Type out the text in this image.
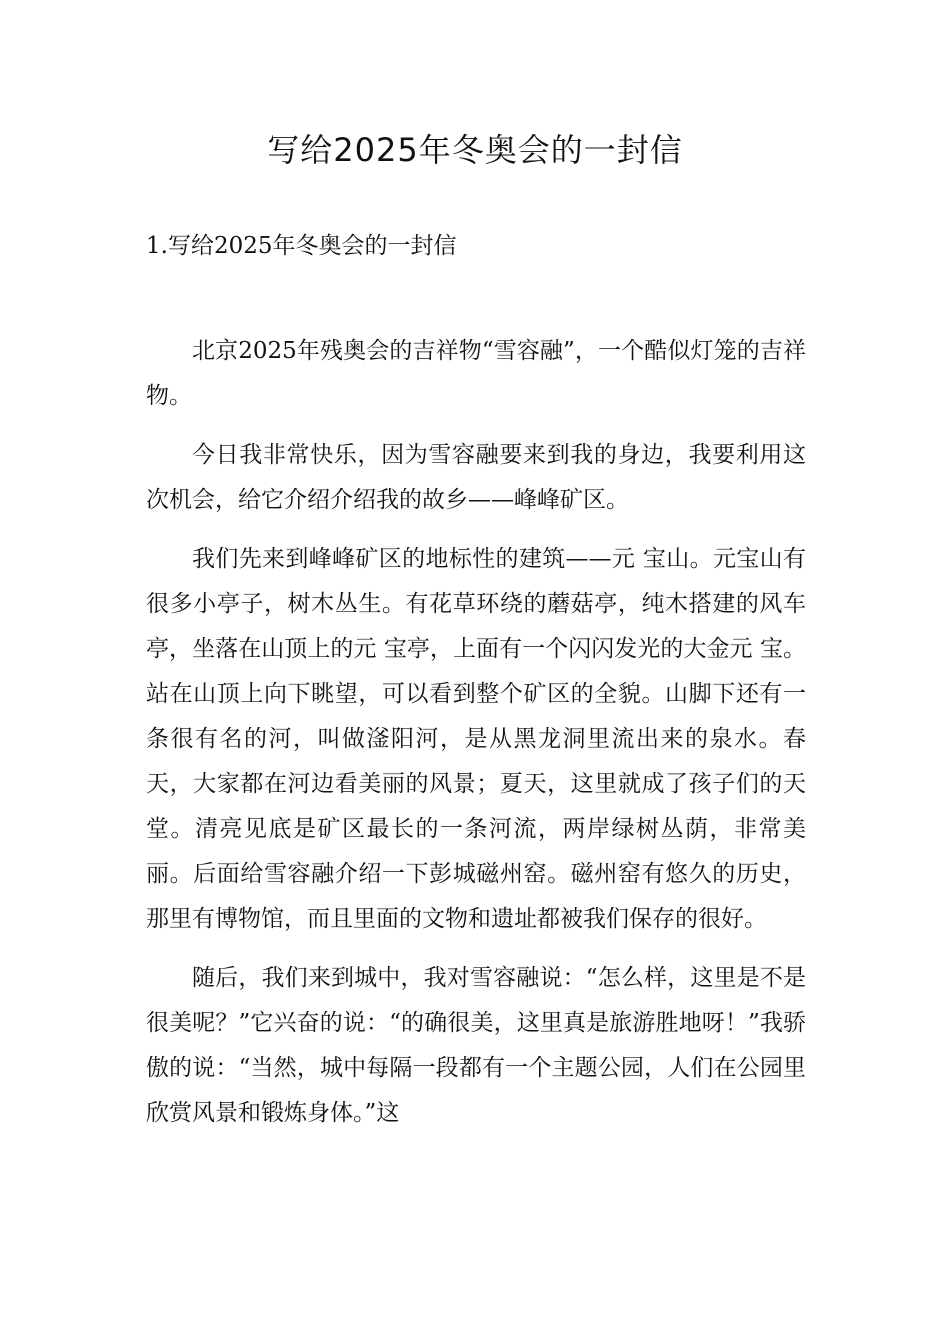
写给2025年冬奥会的一封信
1.写给2025年冬奥会的一封信

北京2025年残奥会的吉祥物“雪容融”，一个酷似灯笼的吉祥物。

今日我非常快乐，因为雪容融要来到我的身边，我要利用这次机会，给它介绍介绍我的故乡——峰峰矿区。

我们先来到峰峰矿区的地标性的建筑——元 宝山。元宝山有很多小亭子，树木丛生。有花草环绕的蘑菇亭，纯木搭建的风车亭，坐落在山顶上的元 宝亭，上面有一个闪闪发光的大金元 宝。站在山顶上向下眺望，可以看到整个矿区的全貌。山脚下还有一条很有名的河，叫做滏阳河，是从黑龙洞里流出来的泉水。春天，大家都在河边看美丽的风景；夏天，这里就成了孩子们的天堂。清亮见底是矿区最长的一条河流，两岸绿树丛荫，非常美丽。后面给雪容融介绍一下彭城磁州窑。磁州窑有悠久的历史，那里有博物馆，而且里面的文物和遗址都被我们保存的很好。

随后，我们来到城中，我对雪容融说：“怎么样，这里是不是很美呢？”它兴奋的说：“的确很美，这里真是旅游胜地呀！”我骄傲的说：“当然，城中每隔一段都有一个主题公园，人们在公园里欣赏风景和锻炼身体。”这
